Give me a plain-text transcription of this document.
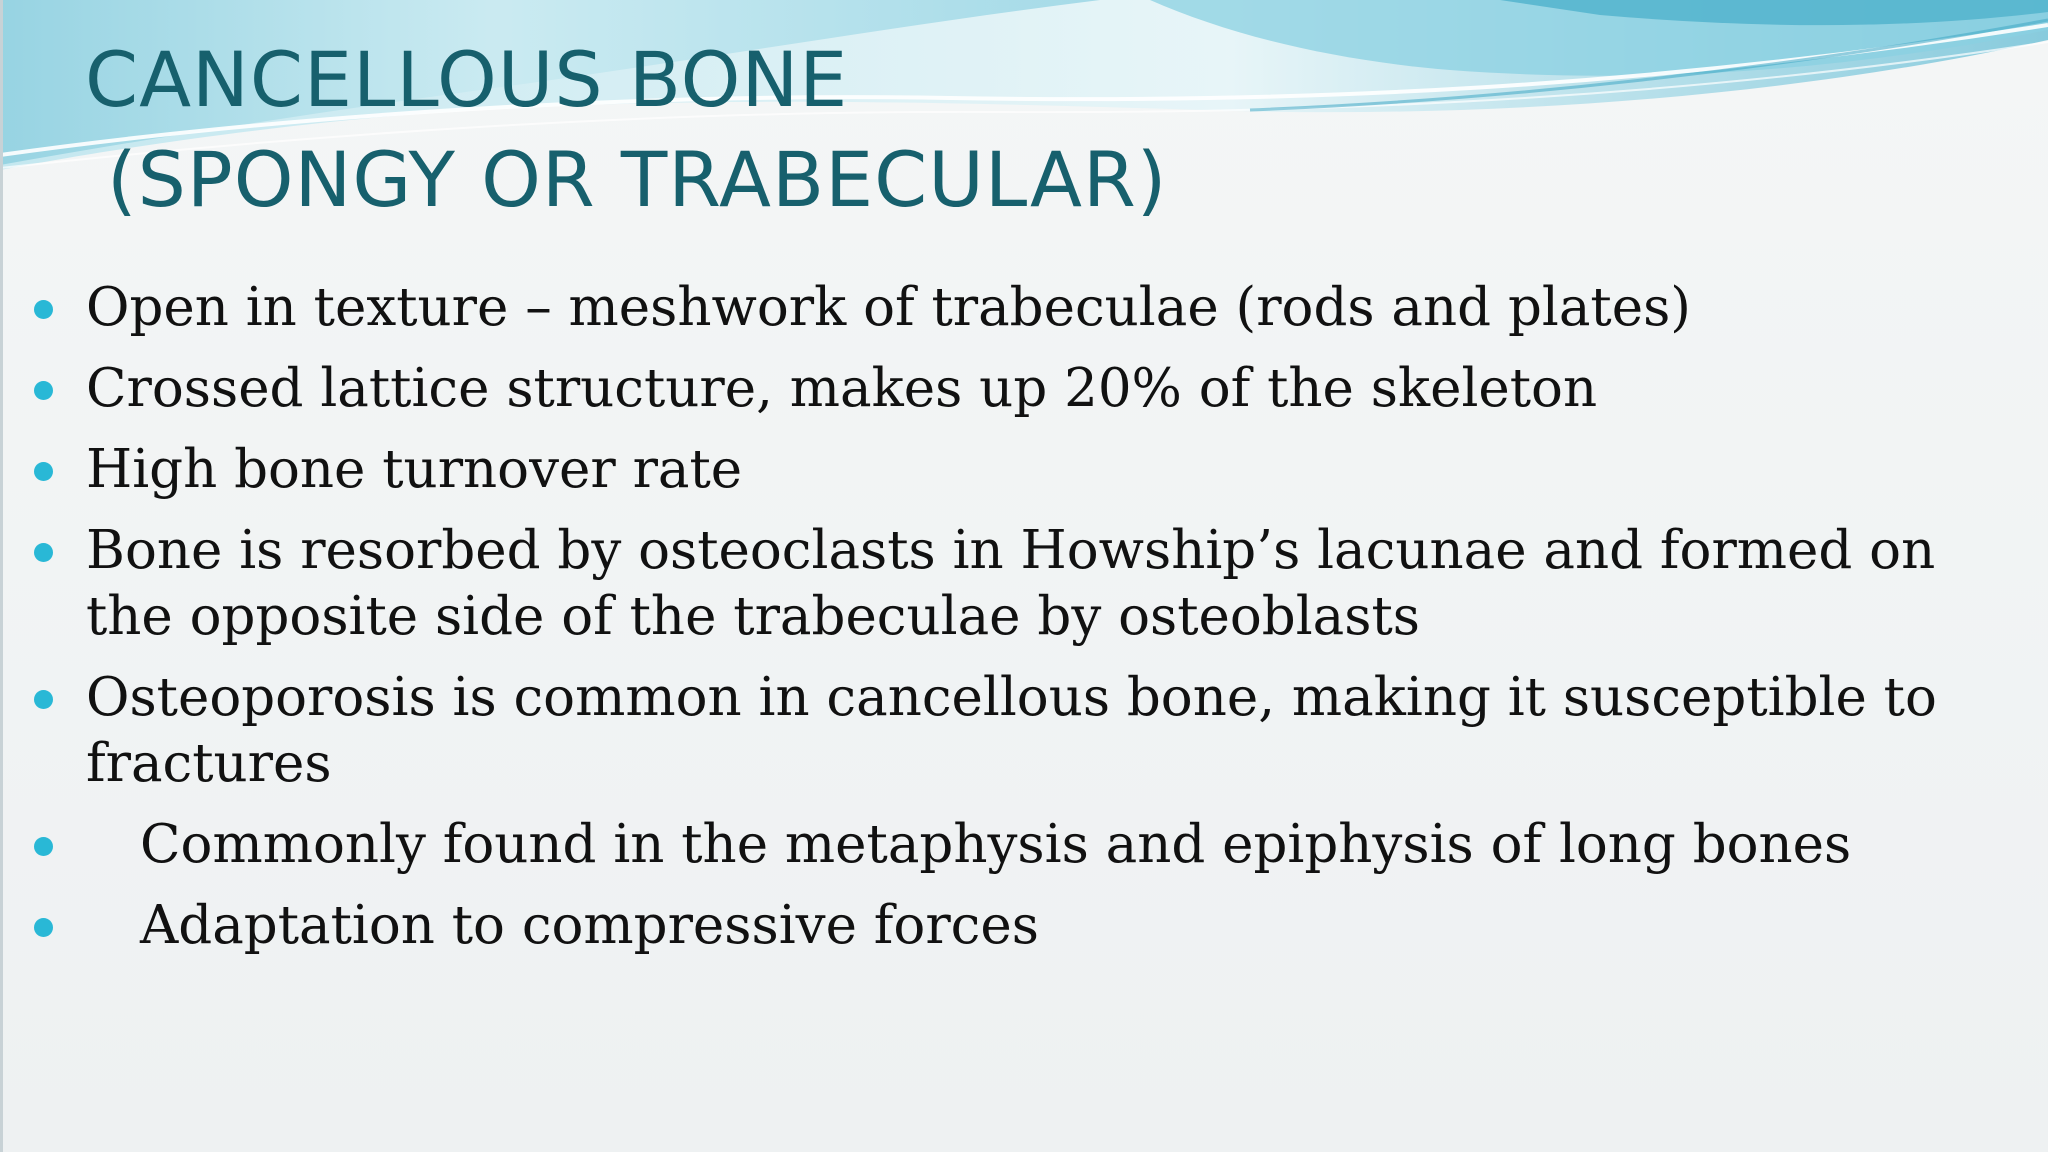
CANCELLOUS BONE
(SPONGY OR TRABECULAR)
Open in texture – meshwork of trabeculae (rods and plates)
Crossed lattice structure, makes up 20% of the skeleton
High bone turnover rate
Bone is resorbed by osteoclasts in Howship’s lacunae and formed on the opposite side of the trabeculae by osteoblasts
Osteoporosis is common in cancellous bone, making it susceptible to fractures
Commonly found in the metaphysis and epiphysis of long bones
Adaptation to compressive forces
